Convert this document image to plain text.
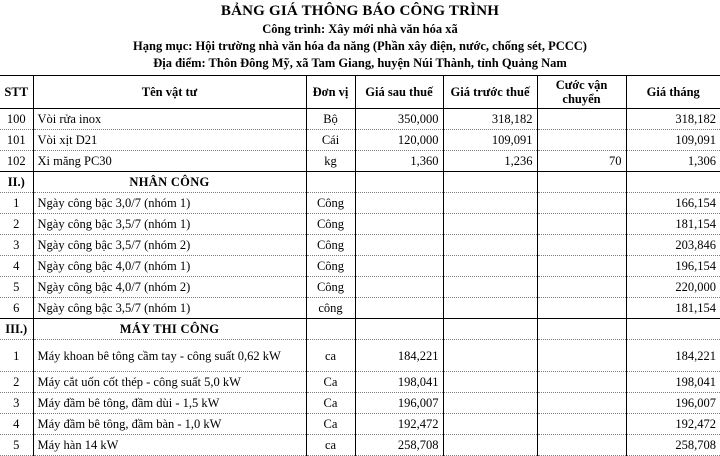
BẢNG GIÁ THÔNG BÁO CÔNG TRÌNH
Công trình: Xây mới nhà văn hóa xã
Hạng mục: Hội trường nhà văn hóa đa năng (Phần xây điện, nước, chống sét, PCCC)
Địa điểm: Thôn Đông Mỹ, xã Tam Giang, huyện Núi Thành, tỉnh Quảng Nam
STT	Tên vật tư	Đơn vị	Giá sau thuế	Giá trước thuế	Cước vận chuyển	Giá tháng
100	Vòi rửa inox	Bộ	350,000	318,182		318,182
101	Vòi xịt D21	Cái	120,000	109,091		109,091
102	Xi măng PC30	kg	1,360	1,236	70	1,306
II.)	NHÂN CÔNG					
1	Ngày công bậc 3,0/7 (nhóm 1)	Công				166,154
2	Ngày công bậc 3,5/7 (nhóm 1)	Công				181,154
3	Ngày công bậc 3,5/7 (nhóm 2)	Công				203,846
4	Ngày công bậc 4,0/7 (nhóm 1)	Công				196,154
5	Ngày công bậc 4,0/7 (nhóm 2)	Công				220,000
6	Ngày công bậc 3,5/7 (nhóm 1)	công				181,154
III.)	MÁY THI CÔNG					
1	Máy khoan bê tông cầm tay - công suất 0,62 kW	ca	184,221			184,221
2	Máy cắt uốn cốt thép - công suất 5,0 kW	Ca	198,041			198,041
3	Máy đầm bê tông, đầm dùi - 1,5 kW	Ca	196,007			196,007
4	Máy đầm bê tông, đầm bàn - 1,0 kW	Ca	192,472			192,472
5	Máy hàn 14 kW	ca	258,708			258,708
